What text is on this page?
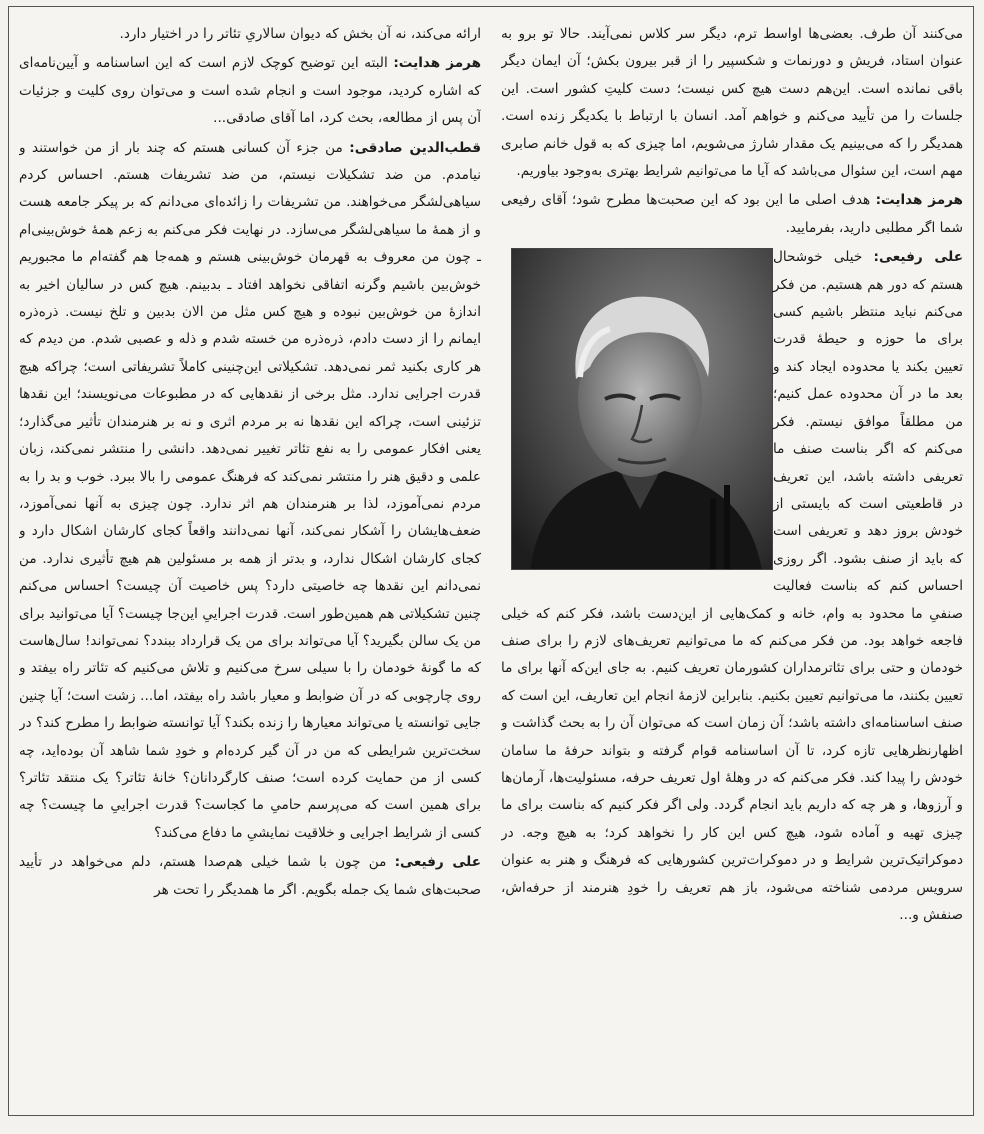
می‌کنند آن طرف. بعضی‌ها اواسط ترم، دیگر سر کلاس نمی‌آیند. حالا تو برو به عنوان استاد، فریش و دورنمات و شکسپیر را از قبر بیرون بکش؛ آن ایمان دیگر باقی نمانده است. این‌هم دست هیچ کس نیست؛ دست کلیتِ کشور است. این جلسات را من تأیید می‌کنم و خواهم آمد. انسان با ارتباط با یکدیگر زنده است. همدیگر را که می‌بینیم یک مقدار شارژ می‌شویم، اما چیزی که به قول خانم صابری مهم است، این سئوال می‌باشد که آیا ما می‌توانیم شرایط بهتری به‌وجود بیاوریم.

هرمز هدایت: هدف اصلی ما این بود که این صحبت‌ها مطرح شود؛ آقای رفیعی شما اگر مطلبی دارید، بفرمایید.

علی رفیعی: خیلی خوشحال هستم که دور هم هستیم. من فکر می‌کنم نباید منتظر باشیم کسی برای ما حوزه و حیطهٔ قدرت تعیین بکند یا محدوده ایجاد کند و بعد ما در آن محدوده عمل کنیم؛ من مطلقاً موافق نیستم. فکر می‌کنم که اگر بناست صنف ما تعریفی داشته باشد، این تعریف در قاطعیتی است که بایستی از خودش بروز دهد و تعریفی است که باید از صنف بشود. اگر روزی احساس کنم که بناست فعالیت صنفیِ ما محدود به وام، خانه و کمک‌هایی از این‌دست باشد، فکر کنم که خیلی فاجعه خواهد بود. من فکر می‌کنم که ما می‌توانیم تعریف‌های لازم را برای صنف خودمان و حتی برای تئاترمداران کشورمان تعریف کنیم. به جای این‌که آنها برای ما تعیین بکنند، ما می‌توانیم تعیین بکنیم. بنابراین لازمهٔ انجام این تعاریف، این است که صنف اساسنامه‌ای داشته باشد؛ آن زمان است که می‌توان آن را به بحث گذاشت و اظهارنظرهایی تازه کرد، تا آن اساسنامه قوام گرفته و بتواند حرفهٔ ما سامان خودش را پیدا کند. فکر می‌کنم که در وهلهٔ اول تعریف حرفه، مسئولیت‌ها، آرمان‌ها و آرزوها، و هر چه که داریم باید انجام گردد. ولی اگر فکر کنیم که بناست برای ما چیزی تهیه و آماده شود، هیچ کس این کار را نخواهد کرد؛ به هیچ وجه. در دموکراتیک‌ترین شرایط و در دموکرات‌ترین کشورهایی که فرهنگ و هنر به عنوان سرویس مردمی شناخته می‌شود، باز هم تعریف را خودِ هنرمند از حرفه‌اش، صنفش و...

ارائه می‌کند، نه آن بخش که دیوان سالاریِ تئاتر را در اختیار دارد.

هرمز هدایت: البته این توضیح کوچک لازم است که این اساسنامه و آیین‌نامه‌ای که اشاره کردید، موجود است و انجام شده است و می‌توان روی کلیت و جزئیات آن پس از مطالعه، بحث کرد، اما آقای صادقی...

قطب‌الدین صادقی: من جزء آن کسانی هستم که چند بار از من خواستند و نیامدم. من ضد تشکیلات نیستم، من ضد تشریفات هستم. احساس کردم سیاهی‌لشگر می‌خواهند. من تشریفات را زائده‌ای می‌دانم که بر پیکر جامعه هست و از همهٔ ما سیاهی‌لشگر می‌سازد. در نهایت فکر می‌کنم به زعم همهٔ خوش‌بینی‌ام ـ چون من معروف به قهرمان خوش‌بینی هستم و همه‌جا هم گفته‌ام ما مجبوریم خوش‌بین باشیم وگرنه اتفاقی نخواهد افتاد ـ بدبینم. هیچ کس در سالیان اخیر به اندازهٔ من خوش‌بین نبوده و هیچ کس مثل من الان بدبین و تلخ نیست. ذره‌ذره ایمانم را از دست دادم، ذره‌ذره من خسته شدم و ذله و عصبی شدم. من دیدم که هر کاری بکنید ثمر نمی‌دهد. تشکیلاتی این‌چنینی کاملاً تشریفاتی است؛ چراکه هیچ قدرت اجرایی ندارد. مثل برخی از نقدهایی که در مطبوعات می‌نویسند؛ این نقدها تزئینی است، چراکه این نقدها نه بر مردم اثری و نه بر هنرمندان تأثیر می‌گذارد؛ یعنی افکار عمومی را به نفع تئاتر تغییر نمی‌دهد. دانشی را منتشر نمی‌کند، زبان علمی و دقیق هنر را منتشر نمی‌کند که فرهنگ عمومی را بالا ببرد. خوب و بد را به مردم نمی‌آموزد، لذا بر هنرمندان هم اثر ندارد. چون چیزی به آنها نمی‌آموزد، ضعف‌هایشان را آشکار نمی‌کند، آنها نمی‌دانند واقعاً کجای کارشان اشکال دارد و کجای کارشان اشکال ندارد، و بدتر از همه بر مسئولین هم هیچ تأثیری ندارد. من نمی‌دانم این نقدها چه خاصیتی دارد؟ پس خاصیت آن چیست؟ احساس می‌کنم چنین تشکیلاتی هم همین‌طور است. قدرت اجراییِ این‌جا چیست؟ آیا می‌توانید برای من یک سالن بگیرید؟ آیا می‌تواند برای من یک قرارداد ببندد؟ نمی‌تواند! سال‌هاست که ما گونهٔ خودمان را با سیلی سرخ می‌کنیم و تلاش می‌کنیم که تئاتر راه بیفتد و روی چارچوبی که در آن ضوابط و معیار باشد راه بیفتد، اما... زشت است؛ آیا چنین جایی توانسته یا می‌تواند معیارها را زنده بکند؟ آیا توانسته ضوابط را مطرح کند؟ در سخت‌ترین شرایطی که من در آن گیر کرده‌ام و خودِ شما شاهد آن بوده‌اید، چه کسی از من حمایت کرده است؛ صنف کارگردانان؟ خانهٔ تئاتر؟ یک منتقد تئاتر؟ برای همین است که می‌پرسم حامیِ ما کجاست؟ قدرت اجراییِ ما چیست؟ چه کسی از شرایط اجرایی و خلاقیت نمایشیِ ما دفاع می‌کند؟

علی رفیعی: من چون با شما خیلی هم‌صدا هستم، دلم می‌خواهد در تأیید صحبت‌های شما یک جمله بگویم. اگر ما همدیگر را تحت هر
